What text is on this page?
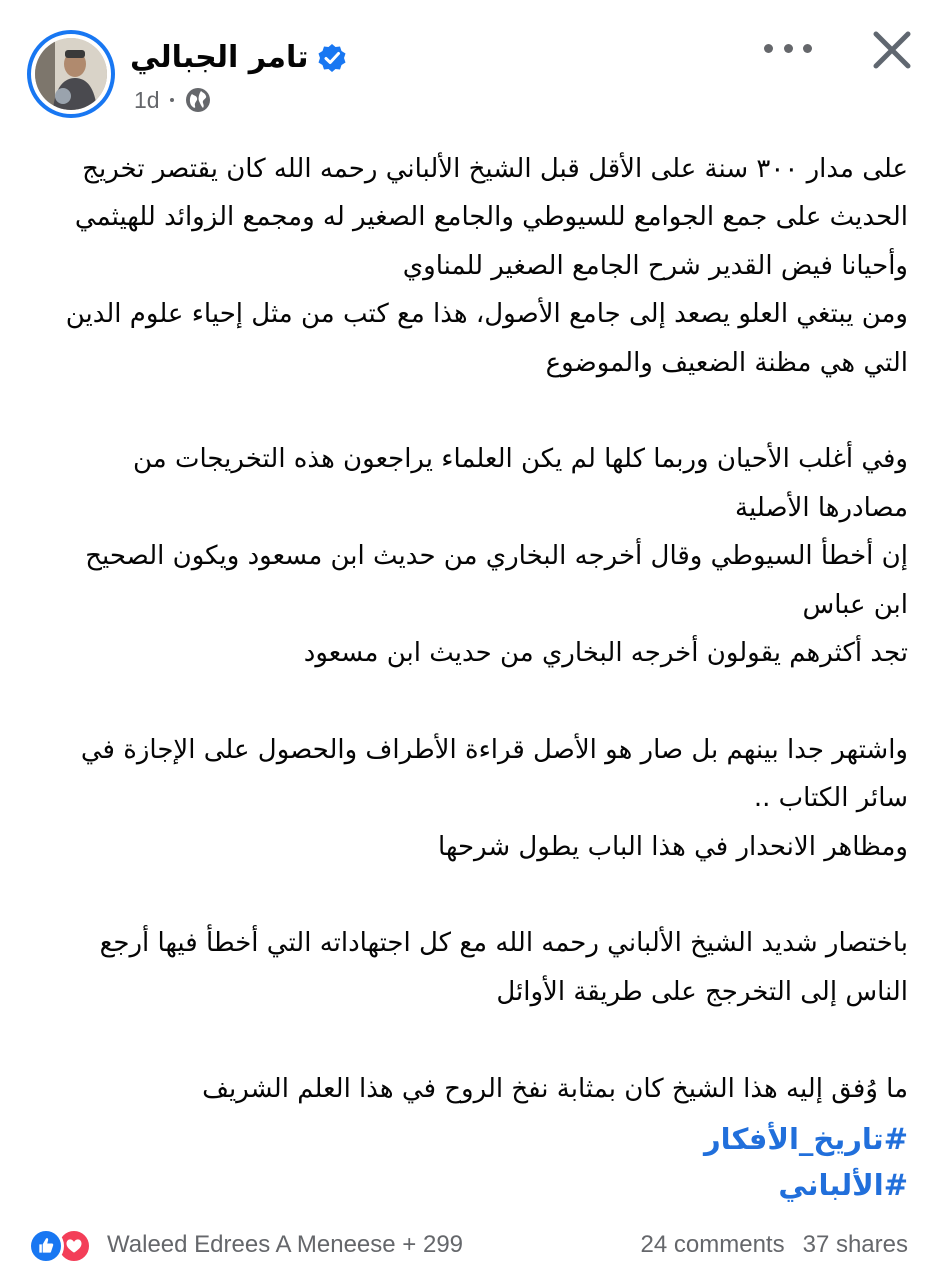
تامر الجبالي
1d
على مدار ٣٠٠ سنة على الأقل قبل الشيخ الألباني رحمه الله كان يقتصر تخريج
الحديث على جمع الجوامع للسيوطي والجامع الصغير له ومجمع الزوائد للهيثمي
وأحيانا فيض القدير شرح الجامع الصغير للمناوي
ومن يبتغي العلو يصعد إلى جامع الأصول، هذا مع كتب من مثل إحياء علوم الدين
التي هي مظنة الضعيف والموضوع
وفي أغلب الأحيان وربما كلها لم يكن العلماء يراجعون هذه التخريجات من
مصادرها الأصلية
إن أخطأ السيوطي وقال أخرجه البخاري من حديث ابن مسعود ويكون الصحيح
ابن عباس
تجد أكثرهم يقولون أخرجه البخاري من حديث ابن مسعود
واشتهر جدا بينهم بل صار هو الأصل قراءة الأطراف والحصول على الإجازة في
سائر الكتاب ..
ومظاهر الانحدار في هذا الباب يطول شرحها
باختصار شديد الشيخ الألباني رحمه الله مع كل اجتهاداته التي أخطأ فيها أرجع
الناس إلى التخرجج على طريقة الأوائل
ما وُفق إليه هذا الشيخ كان بمثابة نفخ الروح في هذا العلم الشريف
#تاريخ_الأفكار
#الألباني
Waleed Edrees A Meneese + 299	24 comments 37 shares
